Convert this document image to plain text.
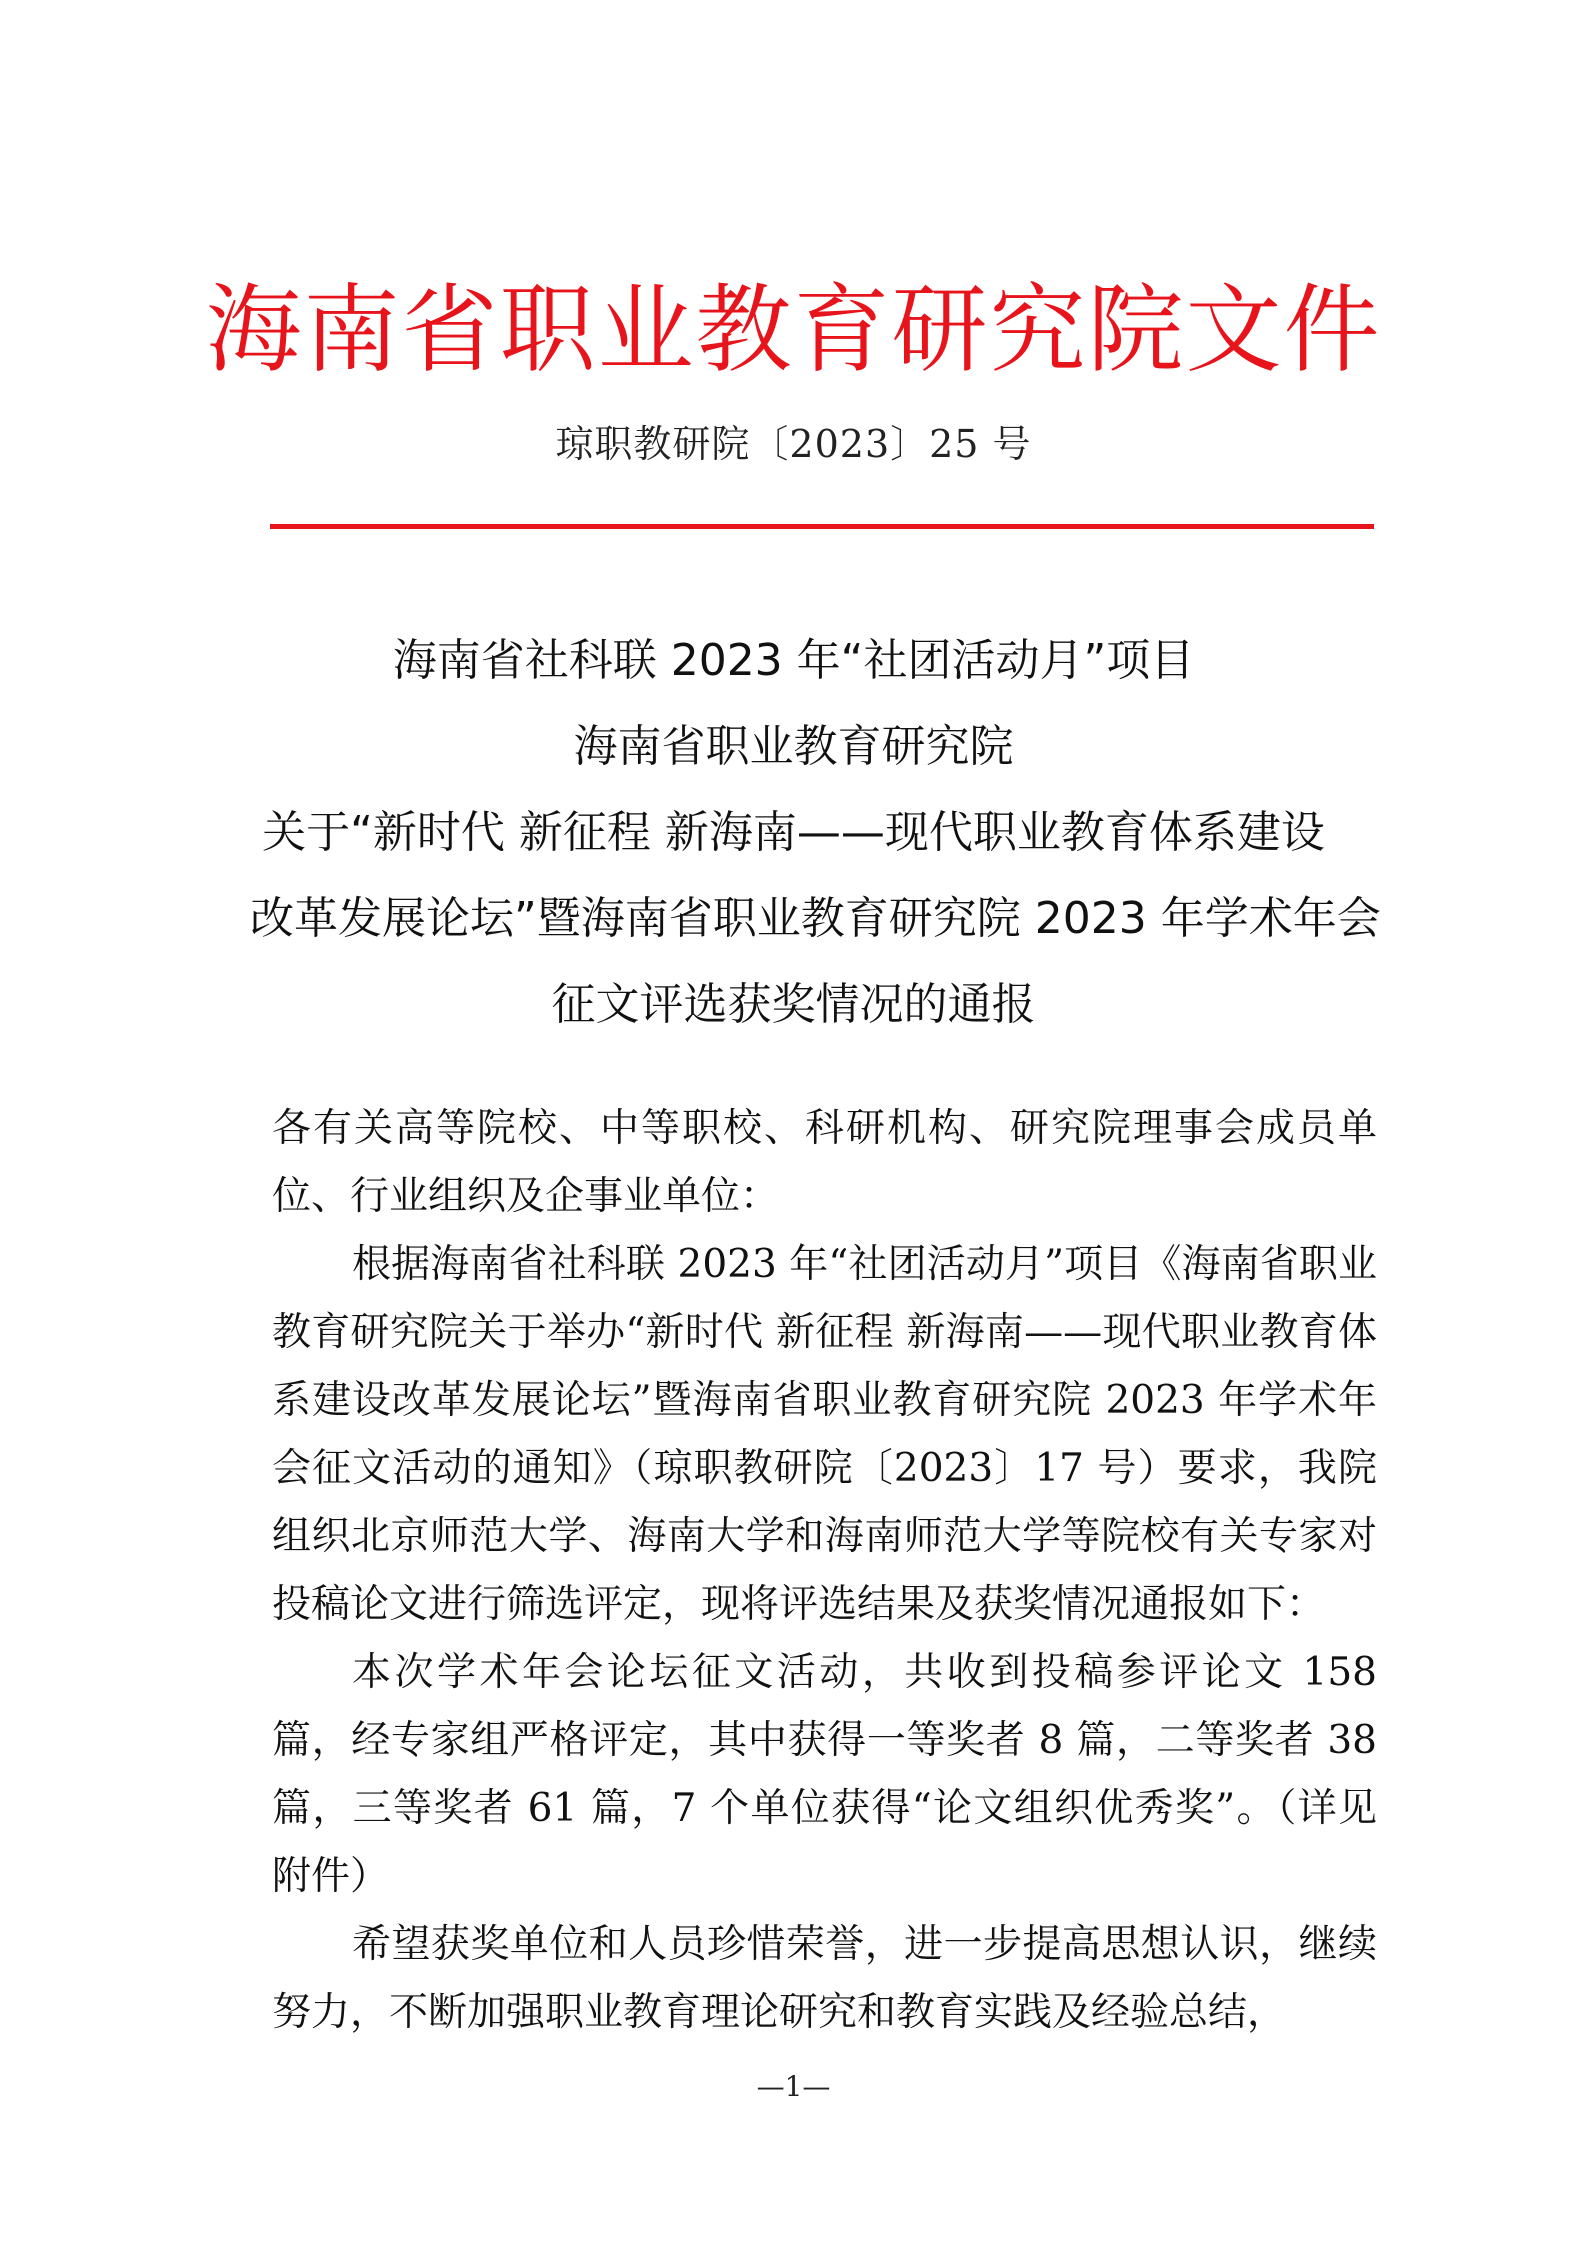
海南省职业教育研究院文件
琼职教研院〔2023〕25 号
海南省社科联 2023 年“社团活动月”项目
海南省职业教育研究院
关于“新时代 新征程 新海南——现代职业教育体系建设
改革发展论坛”暨海南省职业教育研究院 2023 年学术年会
征文评选获奖情况的通报

各有关高等院校、中等职校、科研机构、研究院理事会成员单位、行业组织及企事业单位：

根据海南省社科联 2023 年“社团活动月”项目《海南省职业教育研究院关于举办“新时代 新征程 新海南——现代职业教育体系建设改革发展论坛”暨海南省职业教育研究院 2023 年学术年会征文活动的通知》（琼职教研院〔2023〕17 号）要求，我院组织北京师范大学、海南大学和海南师范大学等院校有关专家对投稿论文进行筛选评定，现将评选结果及获奖情况通报如下：

本次学术年会论坛征文活动，共收到投稿参评论文 158 篇，经专家组严格评定，其中获得一等奖者 8 篇，二等奖者 38 篇，三等奖者 61 篇，7 个单位获得“论文组织优秀奖”。（详见附件）

希望获奖单位和人员珍惜荣誉，进一步提高思想认识，继续努力，不断加强职业教育理论研究和教育实践及经验总结，

—1—
